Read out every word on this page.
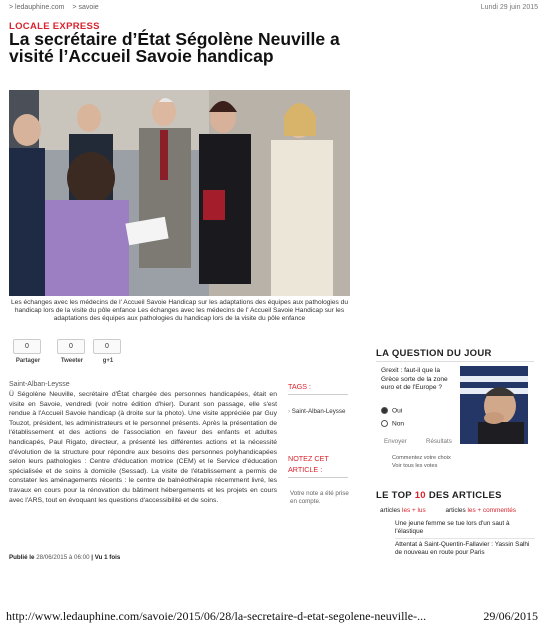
> ledauphine.com > savoie	Lundi 29 juin 2015
LOCALE EXPRESS
La secrétaire d’État Ségolène Neuville a visité l’Accueil Savoie handicap
Les échanges avec les médecins de l' Accueil Savoie Handicap sur les adaptations des équipes aux pathologies du handicap lors de la visite du pôle enfance Les échanges avec les médecins de l' Accueil Savoie Handicap sur les adaptations des équipes aux pathologies du handicap lors de la visite du pôle enfance
0
Partager
0
Tweeter
0
g+1
Saint-Alban-Leysse
Ü Ségolène Neuville, secrétaire d'État chargée des personnes handicapées, était en visite en Savoie, vendredi (voir notre édition d'hier). Durant son passage, elle s'est rendue à l'Accueil Savoie handicap (à droite sur la photo). Une visite appréciée par Guy Touzot, président, les administrateurs et le personnel présents. Après la présentation de l'établissement et des actions de l'association en faveur des enfants et adultes handicapés, Paul Rigato, directeur, a présenté les différentes actions et la nécessité d'évolution de la structure pour répondre aux besoins des personnes polyhandicapées selon leurs pathologies : Centre d'éducation motrice (CEM) et le Service d'éducation spécialisée et de soins à domicile (Sessad). La visite de l'établissement a permis de constater les aménagements récents : le centre de balnéothérapie récemment livré, les travaux en cours pour la rénovation du bâtiment hébergements et les projets en cours avec l'ARS, tout en évoquant les questions d'accessibilité et de soins.
Publié le 28/06/2015 à 06:00 | Vu 1 fois
TAGS :
› Saint-Alban-Leysse
NOTEZ CET ARTICLE :
Votre note a été prise en compte.
LA QUESTION DU JOUR
Grexit : faut-il que la Grèce sorte de la zone euro et de l'Europe ?
Oui
Non
Envoyer	Résultats
Commentez votre choix
Voir tous les votes
LE TOP 10 DES ARTICLES
articles les + lus	articles les + commentés
Une jeune femme se tue lors d'un saut à l'élastique
Attentat à Saint-Quentin-Fallavier : Yassin Salhi de nouveau en route pour Paris
http://www.ledauphine.com/savoie/2015/06/28/la-secretaire-d-etat-segolene-neuville-...	29/06/2015
